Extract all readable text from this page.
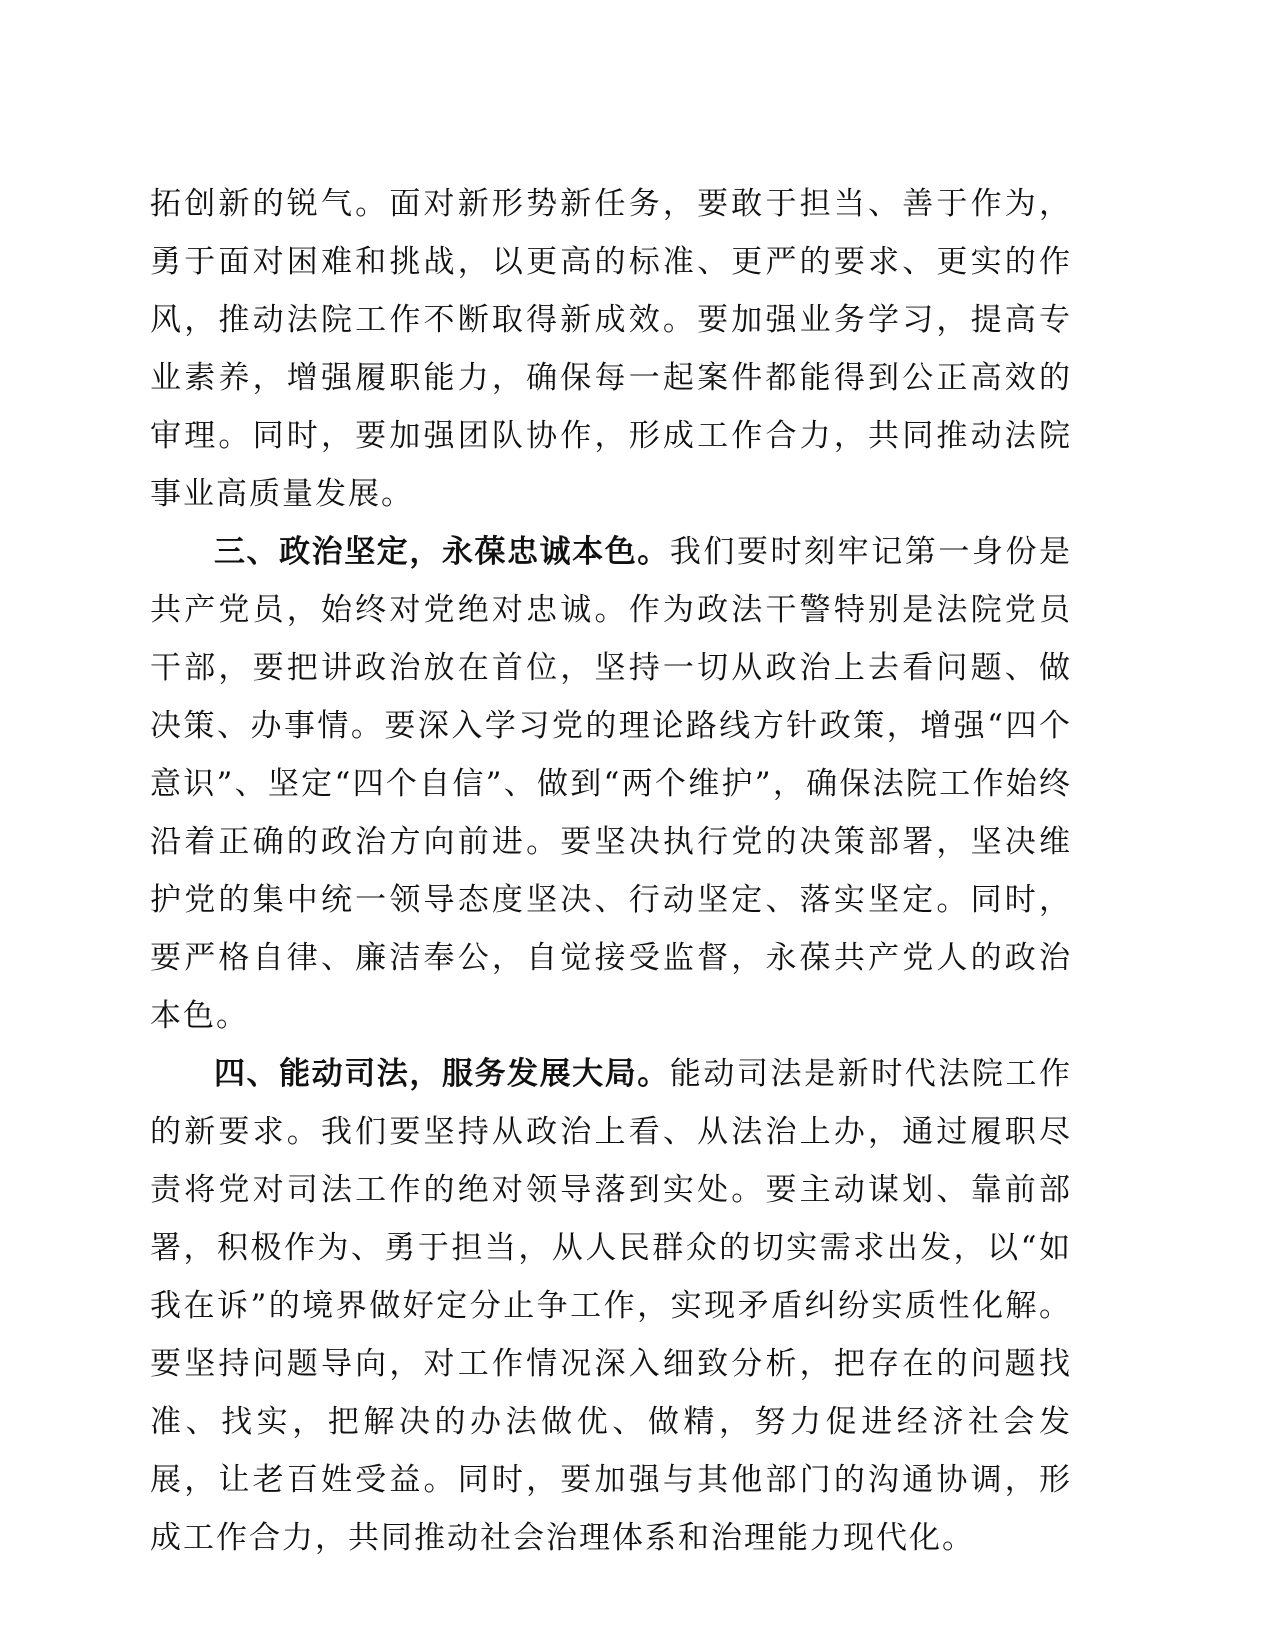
拓创新的锐气。面对新形势新任务，要敢于担当、善于作为，勇于面对困难和挑战，以更高的标准、更严的要求、更实的作风，推动法院工作不断取得新成效。要加强业务学习，提高专业素养，增强履职能力，确保每一起案件都能得到公正高效的审理。同时，要加强团队协作，形成工作合力，共同推动法院事业高质量发展。

三、政治坚定，永葆忠诚本色。我们要时刻牢记第一身份是共产党员，始终对党绝对忠诚。作为政法干警特别是法院党员干部，要把讲政治放在首位，坚持一切从政治上去看问题、做决策、办事情。要深入学习党的理论路线方针政策，增强“四个意识”、坚定“四个自信”、做到“两个维护”，确保法院工作始终沿着正确的政治方向前进。要坚决执行党的决策部署，坚决维护党的集中统一领导态度坚决、行动坚定、落实坚定。同时，要严格自律、廉洁奉公，自觉接受监督，永葆共产党人的政治本色。

四、能动司法，服务发展大局。能动司法是新时代法院工作的新要求。我们要坚持从政治上看、从法治上办，通过履职尽责将党对司法工作的绝对领导落到实处。要主动谋划、靠前部署，积极作为、勇于担当，从人民群众的切实需求出发，以“如我在诉”的境界做好定分止争工作，实现矛盾纠纷实质性化解。要坚持问题导向，对工作情况深入细致分析，把存在的问题找准、找实，把解决的办法做优、做精，努力促进经济社会发展，让老百姓受益。同时，要加强与其他部门的沟通协调，形成工作合力，共同推动社会治理体系和治理能力现代化。
